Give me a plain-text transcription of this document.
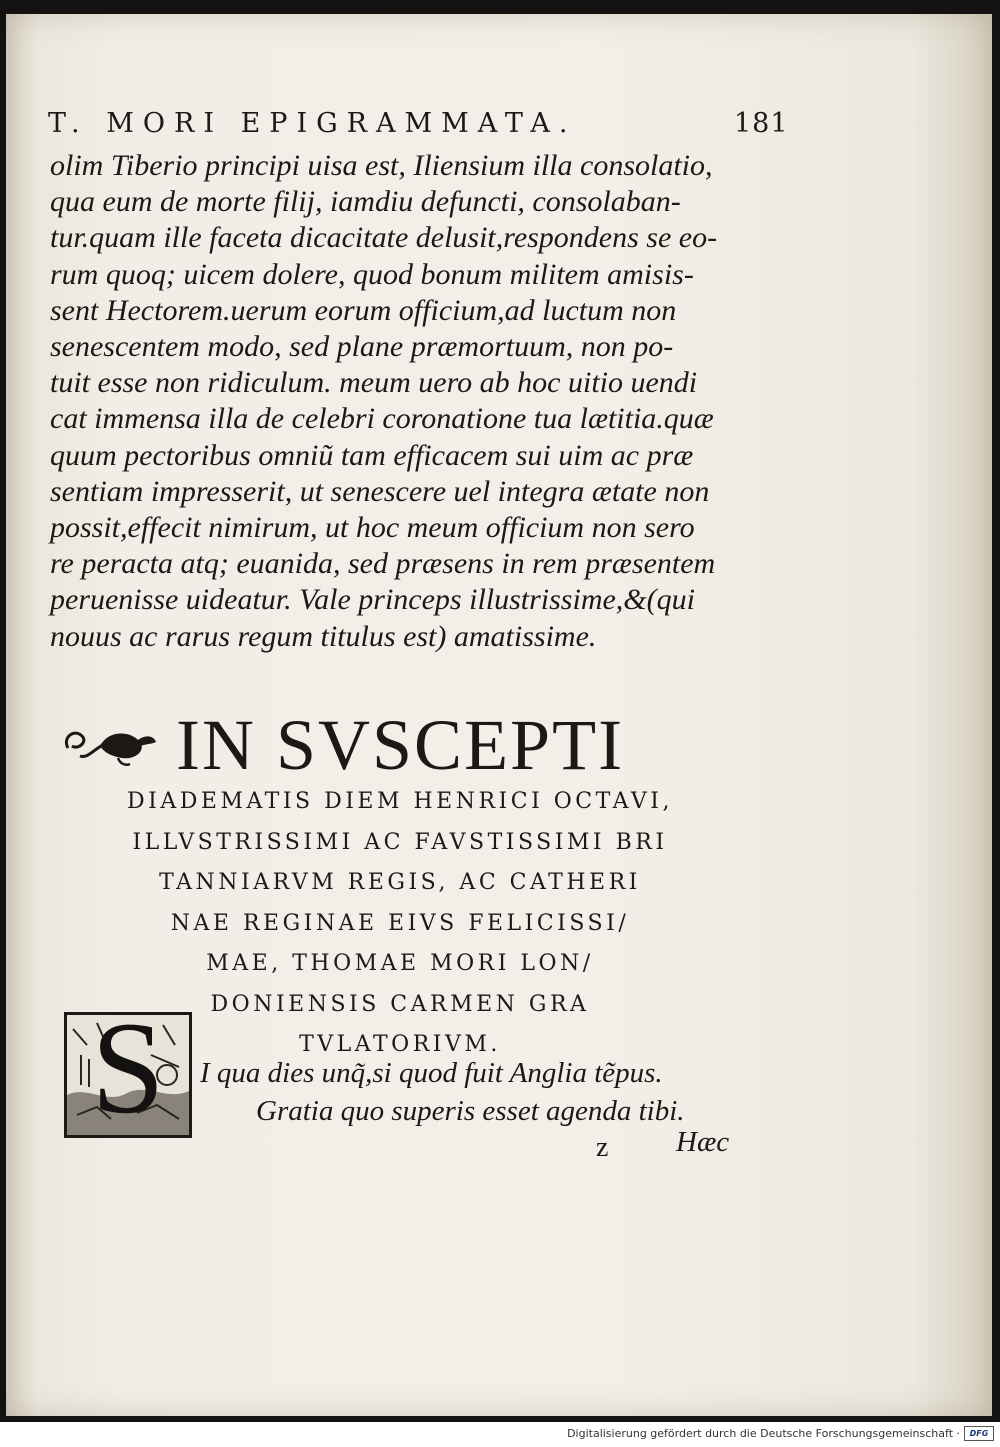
T. MORI EPIGRAMMATA.	181
olim Tiberio principi uisa est, Iliensium illa consolatio,
qua eum de morte filij, iamdiu defuncti, consolaban-
tur.quam ille faceta dicacitate delusit,respondens se eo-
rum quoq; uicem dolere, quod bonum militem amisis-
sent Hectorem.uerum eorum officium,ad luctum non
senescentem modo, sed plane præmortuum, non po-
tuit esse non ridiculum. meum uero ab hoc uitio uendi
cat immensa illa de celebri coronatione tua lætitia.quæ
quum pectoribus omniũ tam efficacem sui uim ac præ
sentiam impresserit, ut senescere uel integra ætate non
possit,effecit nimirum, ut hoc meum officium non sero
re peracta atq; euanida, sed præsens in rem præsentem
peruenisse uideatur. Vale princeps illustrissime,&(qui
nouus ac rarus regum titulus est) amatissime.
IN SVSCEPTI
DIADEMATIS DIEM HENRICI OCTAVI,
ILLVSTRISSIMI AC FAVSTISSIMI BRI
TANNIARVM REGIS, AC CATHERI
NAE REGINAE EIVS FELICISSI/
MAE, THOMAE MORI LON/
DONIENSIS CARMEN GRA
TVLATORIVM.
S	I qua dies unq̃,si quod fuit Anglia tẽpus.
Gratia quo superis esset agenda tibi.
z Hæc
Digitalisierung gefördert durch die Deutsche Forschungsgemeinschaft ·	DFG
